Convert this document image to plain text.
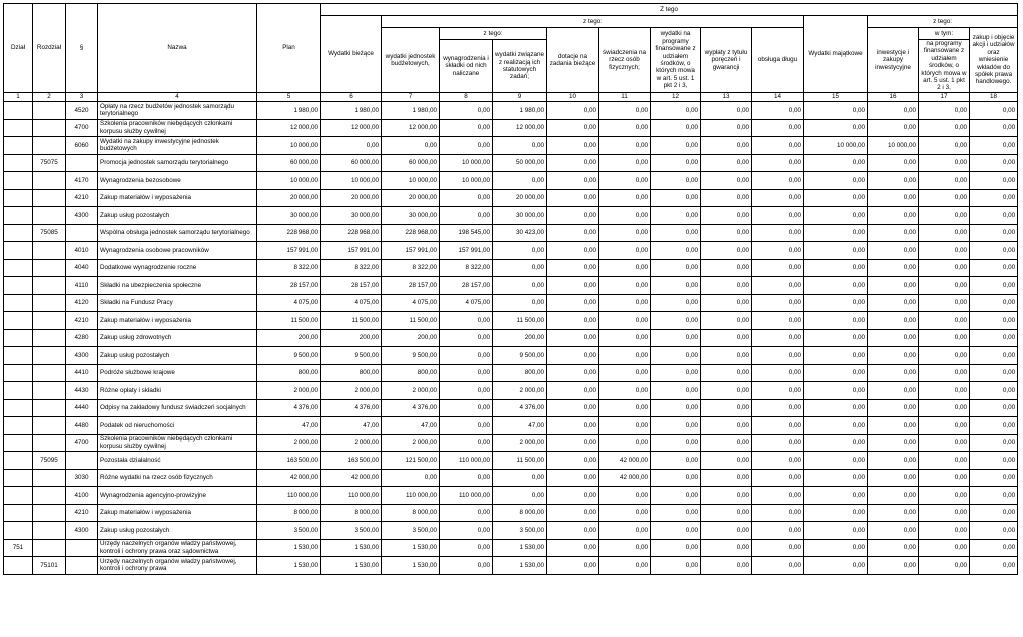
Dział	Rozdział	§	Nazwa	Plan	Z tego												
					Wydatki bieżące	z tego:								Wydatki majątkowe	z tego:		
						wydatki jednostek budżetowych,	z tego:		dotacje na zadania bieżące	świadczenia na rzecz osób fizycznych;	wydatki na programy finansowane z udziałem środków, o których mowa w art. 5 ust. 1 pkt 2 i 3,	wypłaty z tytułu poręczeń i gwarancji	obsługa długu		inwestycje i zakupy inwestycyjne	w tym:	zakup i objęcie akcji i udziałów oraz wniesienie wkładów do spółek prawa handlowego.
							wynagrodzenia i składki od nich naliczane	wydatki związane z realizacją ich statutowych zadań;								na programy finansowane z udziałem środków, o których mowa w art. 5 ust. 1 pkt 2 i 3,	
1	2	3	4	5	6	7	8	9	10	11	12	13	14	15	16	17	18
		4520	Opłaty na rzecz budżetów jednostek samorządu terytorialnego	1 980,00	1 980,00	1 980,00	0,00	1 980,00	0,00	0,00	0,00	0,00	0,00	0,00	0,00	0,00	0,00
		4700	Szkolenia pracowników niebędących członkami korpusu służby cywilnej	12 000,00	12 000,00	12 000,00	0,00	12 000,00	0,00	0,00	0,00	0,00	0,00	0,00	0,00	0,00	0,00
		6060	Wydatki na zakupy inwestycyjne jednostek budżetowych	10 000,00	0,00	0,00	0,00	0,00	0,00	0,00	0,00	0,00	0,00	10 000,00	10 000,00	0,00	0,00
	75075		Promocja jednostek samorządu terytorialnego	60 000,00	60 000,00	60 000,00	10 000,00	50 000,00	0,00	0,00	0,00	0,00	0,00	0,00	0,00	0,00	0,00
		4170	Wynagrodzenia bezosobowe	10 000,00	10 000,00	10 000,00	10 000,00	0,00	0,00	0,00	0,00	0,00	0,00	0,00	0,00	0,00	0,00
		4210	Zakup materiałów i wyposażenia	20 000,00	20 000,00	20 000,00	0,00	20 000,00	0,00	0,00	0,00	0,00	0,00	0,00	0,00	0,00	0,00
		4300	Zakup usług pozostałych	30 000,00	30 000,00	30 000,00	0,00	30 000,00	0,00	0,00	0,00	0,00	0,00	0,00	0,00	0,00	0,00
	75085		Wspólna obsługa jednostek samorządu terytorialnego	228 968,00	228 968,00	228 968,00	198 545,00	30 423,00	0,00	0,00	0,00	0,00	0,00	0,00	0,00	0,00	0,00
		4010	Wynagrodzenia osobowe pracowników	157 991,00	157 991,00	157 991,00	157 991,00	0,00	0,00	0,00	0,00	0,00	0,00	0,00	0,00	0,00	0,00
		4040	Dodatkowe wynagrodzenie roczne	8 322,00	8 322,00	8 322,00	8 322,00	0,00	0,00	0,00	0,00	0,00	0,00	0,00	0,00	0,00	0,00
		4110	Składki na ubezpieczenia społeczne	28 157,00	28 157,00	28 157,00	28 157,00	0,00	0,00	0,00	0,00	0,00	0,00	0,00	0,00	0,00	0,00
		4120	Składki na Fundusz Pracy	4 075,00	4 075,00	4 075,00	4 075,00	0,00	0,00	0,00	0,00	0,00	0,00	0,00	0,00	0,00	0,00
		4210	Zakup materiałów i wyposażenia	11 500,00	11 500,00	11 500,00	0,00	11 500,00	0,00	0,00	0,00	0,00	0,00	0,00	0,00	0,00	0,00
		4280	Zakup usług zdrowotnych	200,00	200,00	200,00	0,00	200,00	0,00	0,00	0,00	0,00	0,00	0,00	0,00	0,00	0,00
		4300	Zakup usług pozostałych	9 500,00	9 500,00	9 500,00	0,00	9 500,00	0,00	0,00	0,00	0,00	0,00	0,00	0,00	0,00	0,00
		4410	Podróże służbowe krajowe	800,00	800,00	800,00	0,00	800,00	0,00	0,00	0,00	0,00	0,00	0,00	0,00	0,00	0,00
		4430	Różne opłaty i składki	2 000,00	2 000,00	2 000,00	0,00	2 000,00	0,00	0,00	0,00	0,00	0,00	0,00	0,00	0,00	0,00
		4440	Odpisy na zakładowy fundusz świadczeń socjalnych	4 376,00	4 376,00	4 376,00	0,00	4 376,00	0,00	0,00	0,00	0,00	0,00	0,00	0,00	0,00	0,00
		4480	Podatek od nieruchomości	47,00	47,00	47,00	0,00	47,00	0,00	0,00	0,00	0,00	0,00	0,00	0,00	0,00	0,00
		4700	Szkolenia pracowników niebędących członkami korpusu służby cywilnej	2 000,00	2 000,00	2 000,00	0,00	2 000,00	0,00	0,00	0,00	0,00	0,00	0,00	0,00	0,00	0,00
	75095		Pozostała działalność	163 500,00	163 500,00	121 500,00	110 000,00	11 500,00	0,00	42 000,00	0,00	0,00	0,00	0,00	0,00	0,00	0,00
		3030	Różne wydatki na rzecz osób fizycznych	42 000,00	42 000,00	0,00	0,00	0,00	0,00	42 000,00	0,00	0,00	0,00	0,00	0,00	0,00	0,00
		4100	Wynagrodzenia agencyjno-prowizyjne	110 000,00	110 000,00	110 000,00	110 000,00	0,00	0,00	0,00	0,00	0,00	0,00	0,00	0,00	0,00	0,00
		4210	Zakup materiałów i wyposażenia	8 000,00	8 000,00	8 000,00	0,00	8 000,00	0,00	0,00	0,00	0,00	0,00	0,00	0,00	0,00	0,00
		4300	Zakup usług pozostałych	3 500,00	3 500,00	3 500,00	0,00	3 500,00	0,00	0,00	0,00	0,00	0,00	0,00	0,00	0,00	0,00
751			Urzędy naczelnych organów władzy państwowej, kontroli i ochrony prawa oraz sądownictwa	1 530,00	1 530,00	1 530,00	0,00	1 530,00	0,00	0,00	0,00	0,00	0,00	0,00	0,00	0,00	0,00
	75101		Urzędy naczelnych organów władzy państwowej, kontroli i ochrony prawa	1 530,00	1 530,00	1 530,00	0,00	1 530,00	0,00	0,00	0,00	0,00	0,00	0,00	0,00	0,00	0,00
